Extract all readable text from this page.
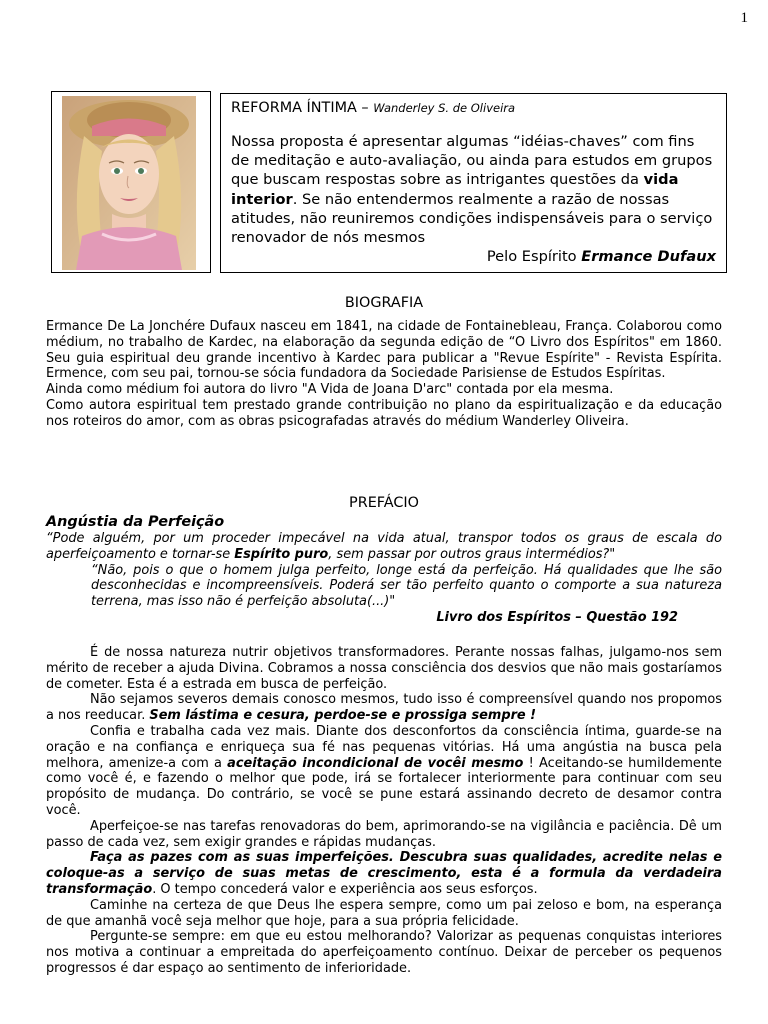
1

REFORMA ÍNTIMA – Wanderley S. de Oliveira

Nossa proposta é apresentar algumas “idéias-chaves” com fins de meditação e auto-avaliação, ou ainda para estudos em grupos que buscam respostas sobre as intrigantes questões da vida interior. Se não entendermos realmente a razão de nossas atitudes, não reuniremos condições indispensáveis para o serviço renovador de nós mesmos

Pelo Espírito Ermance Dufaux

BIOGRAFIA

Ermance De La Jonchére Dufaux nasceu em 1841, na cidade de Fontainebleau, França. Colaborou como médium, no trabalho de Kardec, na elaboração da segunda edição de “O Livro dos Espíritos" em 1860. Seu guia espiritual deu grande incentivo à Kardec para publicar a "Revue Espírite" - Revista Espírita. Ermence, com seu pai, tornou-se sócia fundadora da Sociedade Parisiense de Estudos Espíritas.

Ainda como médium foi autora do livro "A Vida de Joana D'arc" contada por ela mesma.

Como autora espiritual tem prestado grande contribuição no plano da espiritualização e da educação nos roteiros do amor, com as obras psicografadas através do médium Wanderley Oliveira.

PREFÁCIO

Angústia da Perfeição

“Pode alguém, por um proceder impecável na vida atual, transpor todos os graus de escala do aperfeiçoamento e tornar-se Espírito puro, sem passar por outros graus intermédios?"

“Não, pois o que o homem julga perfeito, longe está da perfeição. Há qualidades que lhe são desconhecidas e incompreensíveis. Poderá ser tão perfeito quanto o comporte a sua natureza terrena, mas isso não é perfeição absoluta(...)"

Livro dos Espíritos – Questão 192

É de nossa natureza nutrir objetivos transformadores. Perante nossas falhas, julgamo-nos sem mérito de receber a ajuda Divina. Cobramos a nossa consciência dos desvios que não mais gostaríamos de cometer. Esta é a estrada em busca de perfeição.

Não sejamos severos demais conosco mesmos, tudo isso é compreensível quando nos propomos a nos reeducar. Sem lástima e cesura, perdoe-se e prossiga sempre !

Confia e trabalha cada vez mais. Diante dos desconfortos da consciência íntima, guarde-se na oração e na confiança e enriqueça sua fé nas pequenas vitórias. Há uma angústia na busca pela melhora, amenize-a com a aceitação incondicional de vocêi mesmo ! Aceitando-se humildemente como você é, e fazendo o melhor que pode, irá se fortalecer interiormente para continuar com seu propósito de mudança. Do contrário, se você se pune estará assinando decreto de desamor contra você.

Aperfeiçoe-se nas tarefas renovadoras do bem, aprimorando-se na vigilância e paciência. Dê um passo de cada vez, sem exigir grandes e rápidas mudanças.

Faça as pazes com as suas imperfeições. Descubra suas qualidades, acredite nelas e coloque-as a serviço de suas metas de crescimento, esta é a formula da verdadeira transformação. O tempo concederá valor e experiência aos seus esforços.

Caminhe na certeza de que Deus lhe espera sempre, como um pai zeloso e bom, na esperança de que amanhã você seja melhor que hoje, para a sua própria felicidade.

Pergunte-se sempre: em que eu estou melhorando? Valorizar as pequenas conquistas interiores nos motiva a continuar a empreitada do aperfeiçoamento contínuo. Deixar de perceber os pequenos progressos é dar espaço ao sentimento de inferioridade.
